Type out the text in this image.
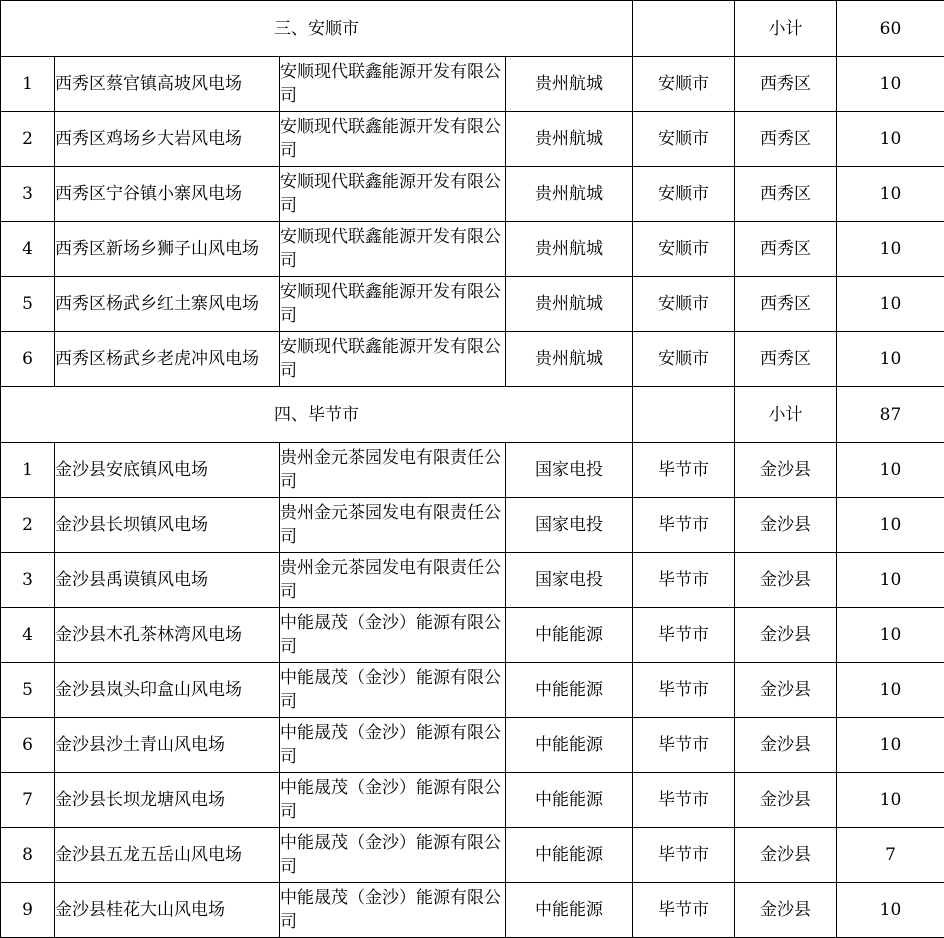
三、安顺市					小计	60
1	西秀区蔡官镇高坡风电场	安顺现代联鑫能源开发有限公司	贵州航城	安顺市	西秀区	10
2	西秀区鸡场乡大岩风电场	安顺现代联鑫能源开发有限公司	贵州航城	安顺市	西秀区	10
3	西秀区宁谷镇小寨风电场	安顺现代联鑫能源开发有限公司	贵州航城	安顺市	西秀区	10
4	西秀区新场乡狮子山风电场	安顺现代联鑫能源开发有限公司	贵州航城	安顺市	西秀区	10
5	西秀区杨武乡红土寨风电场	安顺现代联鑫能源开发有限公司	贵州航城	安顺市	西秀区	10
6	西秀区杨武乡老虎冲风电场	安顺现代联鑫能源开发有限公司	贵州航城	安顺市	西秀区	10
四、毕节市					小计	87
1	金沙县安底镇风电场	贵州金元茶园发电有限责任公司	国家电投	毕节市	金沙县	10
2	金沙县长坝镇风电场	贵州金元茶园发电有限责任公司	国家电投	毕节市	金沙县	10
3	金沙县禹谟镇风电场	贵州金元茶园发电有限责任公司	国家电投	毕节市	金沙县	10
4	金沙县木孔茶林湾风电场	中能晟茂（金沙）能源有限公司	中能能源	毕节市	金沙县	10
5	金沙县岚头印盒山风电场	中能晟茂（金沙）能源有限公司	中能能源	毕节市	金沙县	10
6	金沙县沙土青山风电场	中能晟茂（金沙）能源有限公司	中能能源	毕节市	金沙县	10
7	金沙县长坝龙塘风电场	中能晟茂（金沙）能源有限公司	中能能源	毕节市	金沙县	10
8	金沙县五龙五岳山风电场	中能晟茂（金沙）能源有限公司	中能能源	毕节市	金沙县	7
9	金沙县桂花大山风电场	中能晟茂（金沙）能源有限公司	中能能源	毕节市	金沙县	10
